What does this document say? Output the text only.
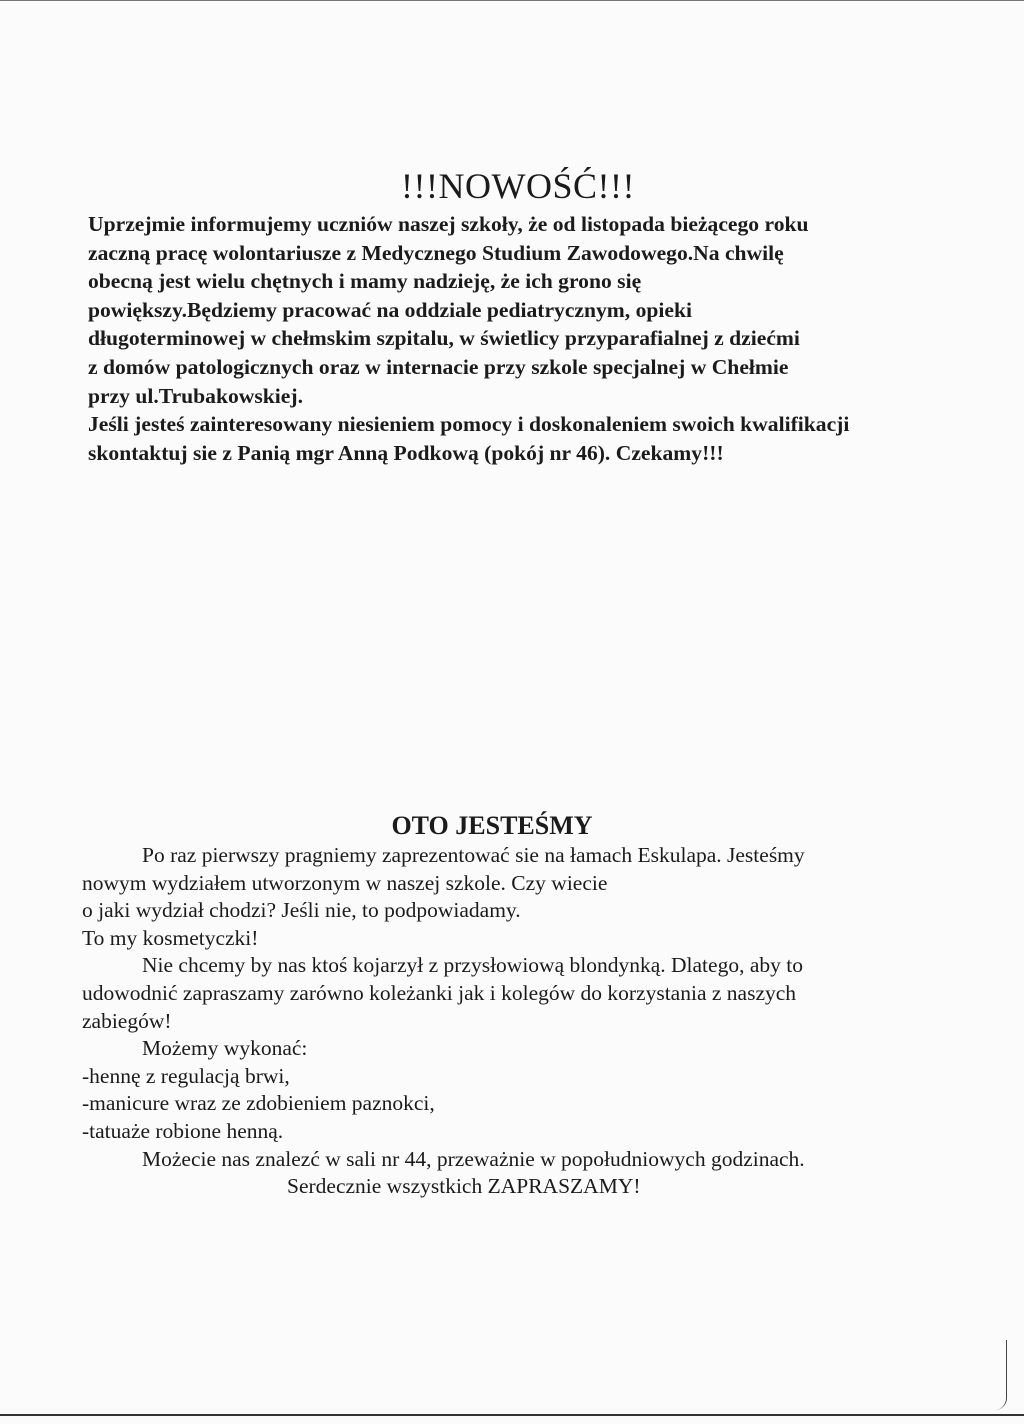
!!!NOWOŚĆ!!!

Uprzejmie informujemy uczniów naszej szkoły, że od listopada bieżącego roku
zaczną pracę wolontariusze z Medycznego Studium Zawodowego.Na chwilę
obecną jest wielu chętnych i mamy nadzieję, że ich grono się
powiększy.Będziemy pracować na oddziale pediatrycznym, opieki
długoterminowej w chełmskim szpitalu, w świetlicy przyparafialnej z dziećmi
z domów patologicznych oraz w internacie przy szkole specjalnej w Chełmie
przy ul.Trubakowskiej.
Jeśli jesteś zainteresowany niesieniem pomocy i doskonaleniem swoich kwalifikacji
skontaktuj sie z Panią mgr Anną Podkową (pokój nr 46). Czekamy!!!

OTO JESTEŚMY

Po raz pierwszy pragniemy zaprezentować sie na łamach Eskulapa. Jesteśmy
nowym wydziałem utworzonym w naszej szkole. Czy wiecie
o jaki wydział chodzi? Jeśli nie, to podpowiadamy.
To my kosmetyczki!
Nie chcemy by nas ktoś kojarzył z przysłowiową blondynką. Dlatego, aby to
udowodnić zapraszamy zarówno koleżanki jak i kolegów do korzystania z naszych
zabiegów!
Możemy wykonać:
-hennę z regulacją brwi,
-manicure wraz ze zdobieniem paznokci,
-tatuaże robione henną.
Możecie nas znalezć w sali nr 44, przeważnie w popołudniowych godzinach.
Serdecznie wszystkich ZAPRASZAMY!
